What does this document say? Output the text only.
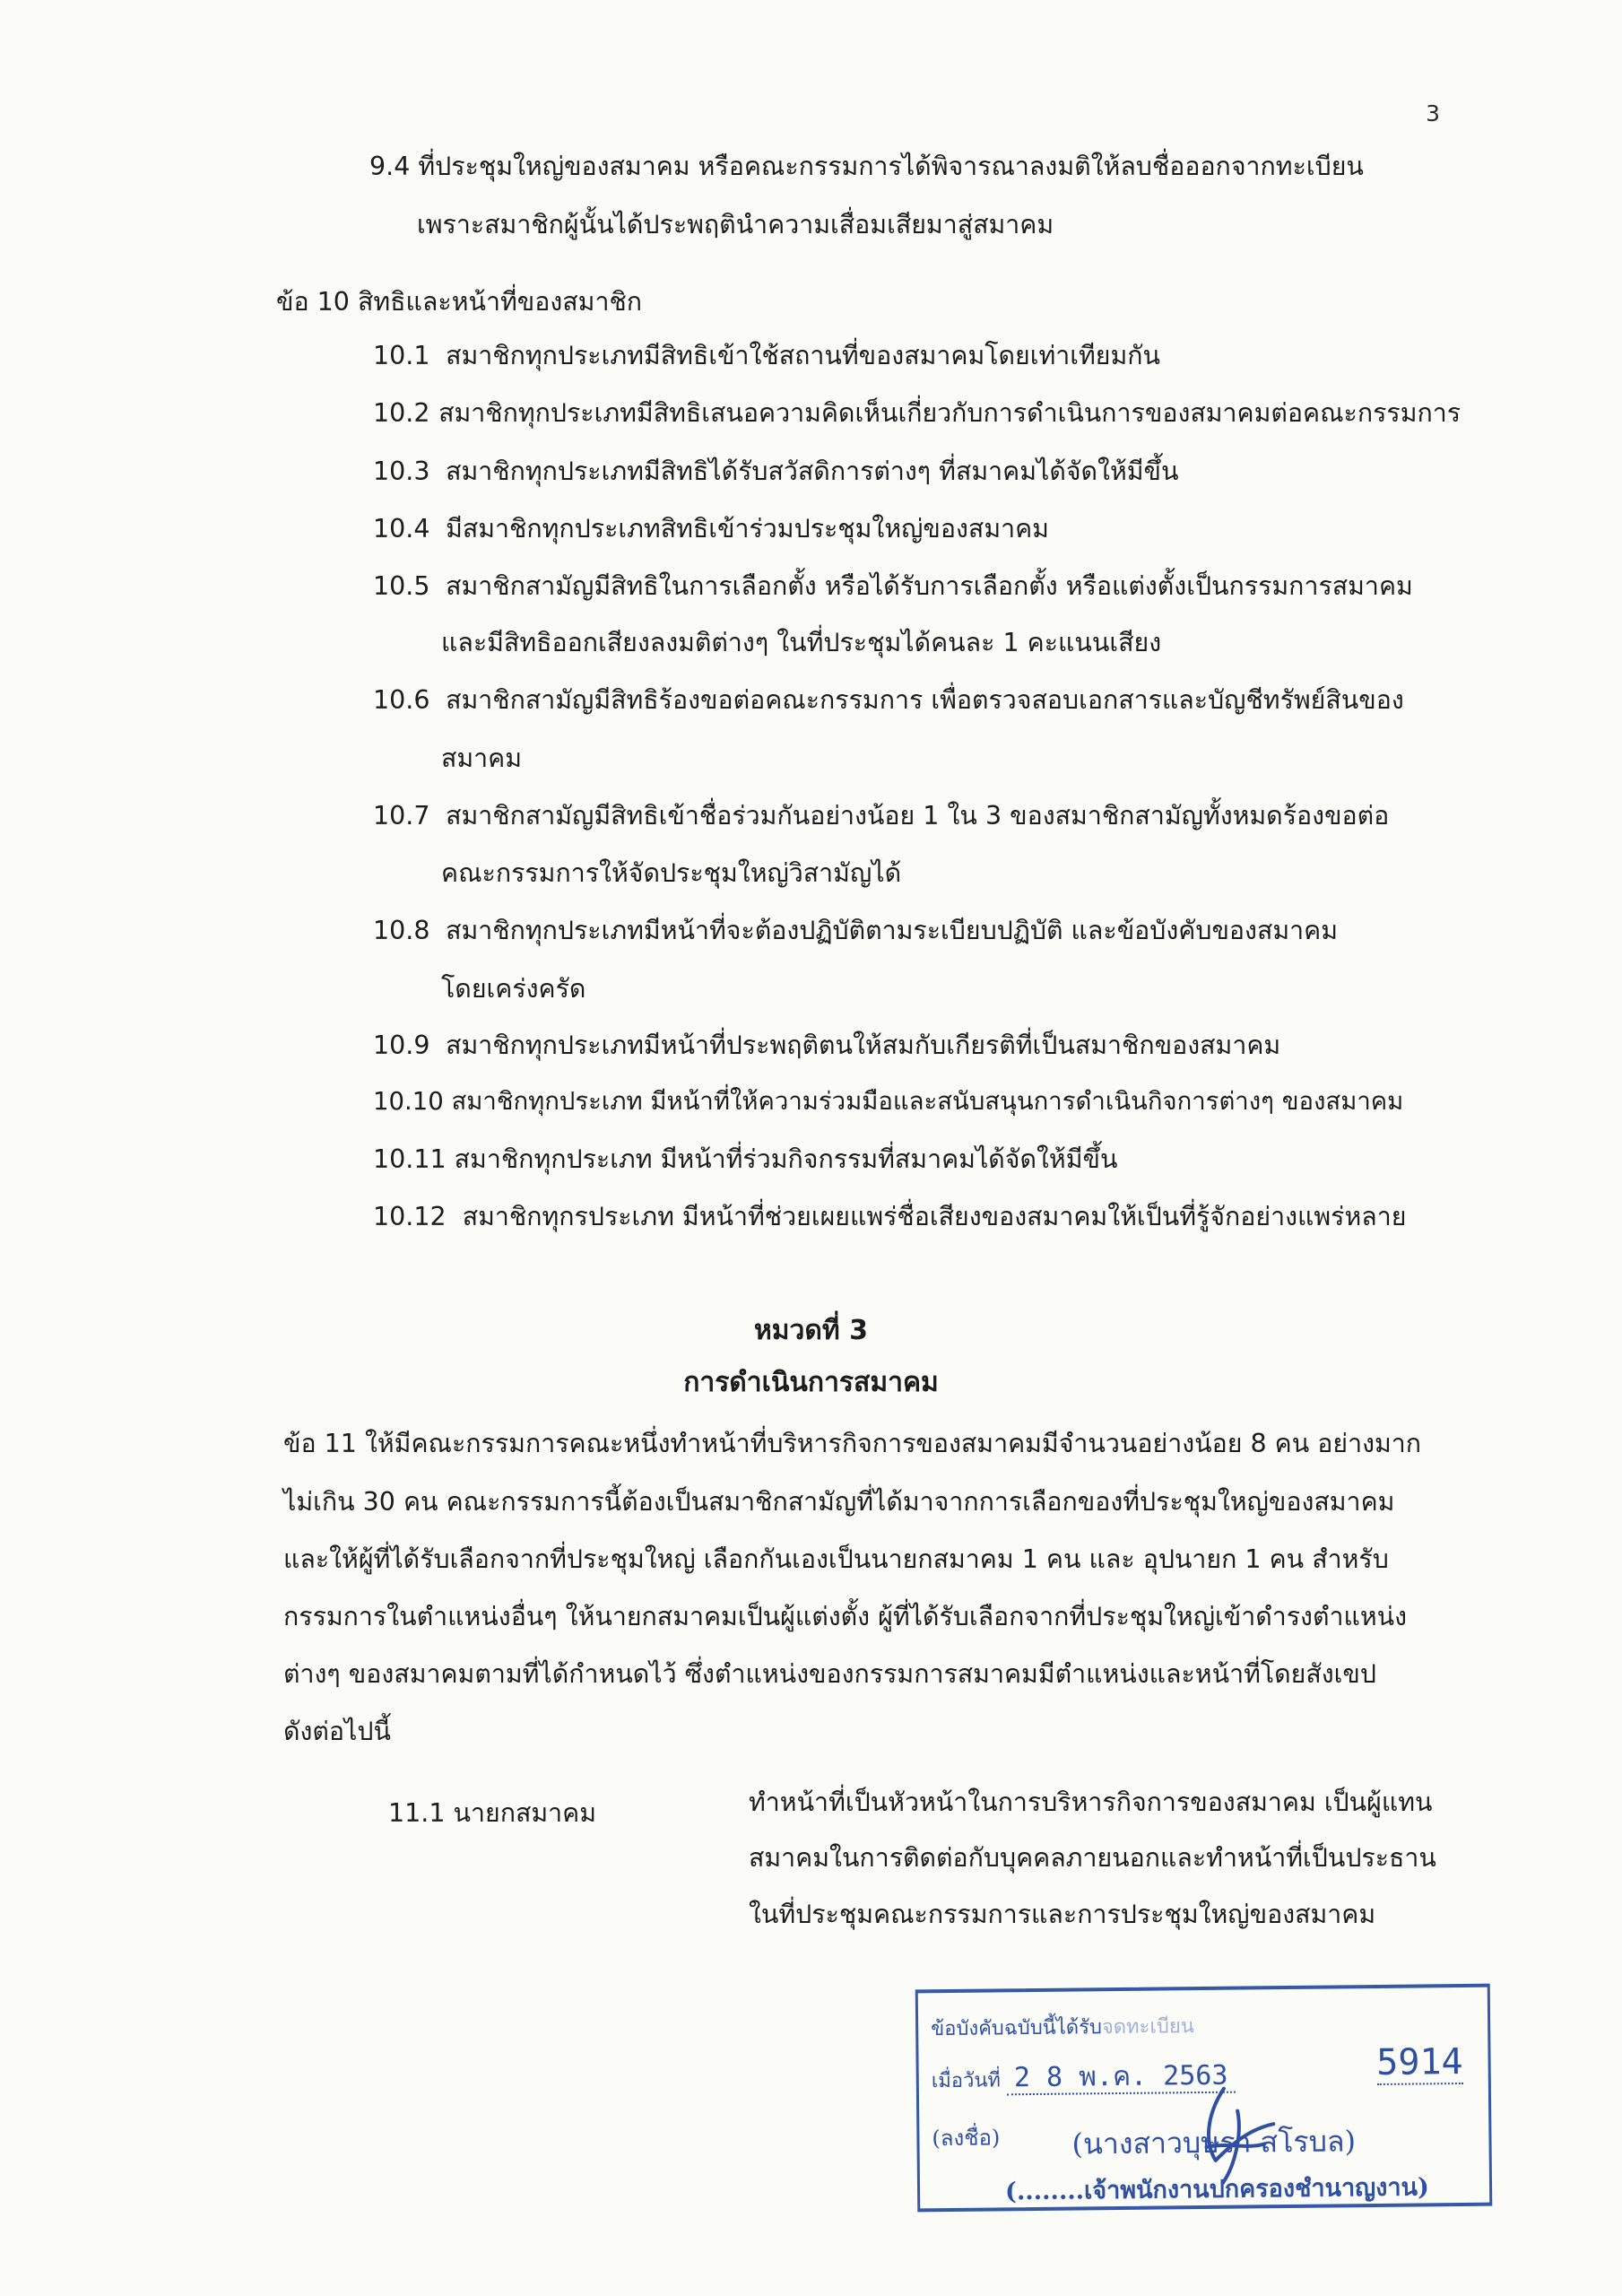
3
9.4 ที่ประชุมใหญ่ของสมาคม หรือคณะกรรมการได้พิจารณาลงมติให้ลบชื่อออกจากทะเบียน
เพราะสมาชิกผู้นั้นได้ประพฤตินำความเสื่อมเสียมาสู่สมาคม
ข้อ 10 สิทธิและหน้าที่ของสมาชิก
10.1 สมาชิกทุกประเภทมีสิทธิเข้าใช้สถานที่ของสมาคมโดยเท่าเทียมกัน
10.2 สมาชิกทุกประเภทมีสิทธิเสนอความคิดเห็นเกี่ยวกับการดำเนินการของสมาคมต่อคณะกรรมการ
10.3 สมาชิกทุกประเภทมีสิทธิได้รับสวัสดิการต่างๆ ที่สมาคมได้จัดให้มีขึ้น
10.4 มีสมาชิกทุกประเภทสิทธิเข้าร่วมประชุมใหญ่ของสมาคม
10.5 สมาชิกสามัญมีสิทธิในการเลือกตั้ง หรือได้รับการเลือกตั้ง หรือแต่งตั้งเป็นกรรมการสมาคม
และมีสิทธิออกเสียงลงมติต่างๆ ในที่ประชุมได้คนละ 1 คะแนนเสียง
10.6 สมาชิกสามัญมีสิทธิร้องขอต่อคณะกรรมการ เพื่อตรวจสอบเอกสารและบัญชีทรัพย์สินของ
สมาคม
10.7 สมาชิกสามัญมีสิทธิเข้าชื่อร่วมกันอย่างน้อย 1 ใน 3 ของสมาชิกสามัญทั้งหมดร้องขอต่อ
คณะกรรมการให้จัดประชุมใหญ่วิสามัญได้
10.8 สมาชิกทุกประเภทมีหน้าที่จะต้องปฏิบัติตามระเบียบปฏิบัติ และข้อบังคับของสมาคม
โดยเคร่งครัด
10.9 สมาชิกทุกประเภทมีหน้าที่ประพฤติตนให้สมกับเกียรติที่เป็นสมาชิกของสมาคม
10.10 สมาชิกทุกประเภท มีหน้าที่ให้ความร่วมมือและสนับสนุนการดำเนินกิจการต่างๆ ของสมาคม
10.11 สมาชิกทุกประเภท มีหน้าที่ร่วมกิจกรรมที่สมาคมได้จัดให้มีขึ้น
10.12 สมาชิกทุกรประเภท มีหน้าที่ช่วยเผยแพร่ชื่อเสียงของสมาคมให้เป็นที่รู้จักอย่างแพร่หลาย
หมวดที่ 3
การดำเนินการสมาคม
ข้อ 11 ให้มีคณะกรรมการคณะหนึ่งทำหน้าที่บริหารกิจการของสมาคมมีจำนวนอย่างน้อย 8 คน อย่างมาก
ไม่เกิน 30 คน คณะกรรมการนี้ต้องเป็นสมาชิกสามัญที่ได้มาจากการเลือกของที่ประชุมใหญ่ของสมาคม
และให้ผู้ที่ได้รับเลือกจากที่ประชุมใหญ่ เลือกกันเองเป็นนายกสมาคม 1 คน และ อุปนายก 1 คน สำหรับ
กรรมการในตำแหน่งอื่นๆ ให้นายกสมาคมเป็นผู้แต่งตั้ง ผู้ที่ได้รับเลือกจากที่ประชุมใหญ่เข้าดำรงตำแหน่ง
ต่างๆ ของสมาคมตามที่ได้กำหนดไว้ ซึ่งตำแหน่งของกรรมการสมาคมมีตำแหน่งและหน้าที่โดยสังเขป
ดังต่อไปนี้
11.1 นายกสมาคม	ทำหน้าที่เป็นหัวหน้าในการบริหารกิจการของสมาคม เป็นผู้แทน
สมาคมในการติดต่อกับบุคคลภายนอกและทำหน้าที่เป็นประธาน
ในที่ประชุมคณะกรรมการและการประชุมใหญ่ของสมาคม
ข้อบังคับฉบับนี้ได้รับจดทะเบียน
เมื่อวันที่ 2 8 พ.ค. 2563	5914
(ลงชื่อ) (นางสาวบุษรา สโรบล)
(........เจ้าพนักงานปกครองชำนาญงาน)
